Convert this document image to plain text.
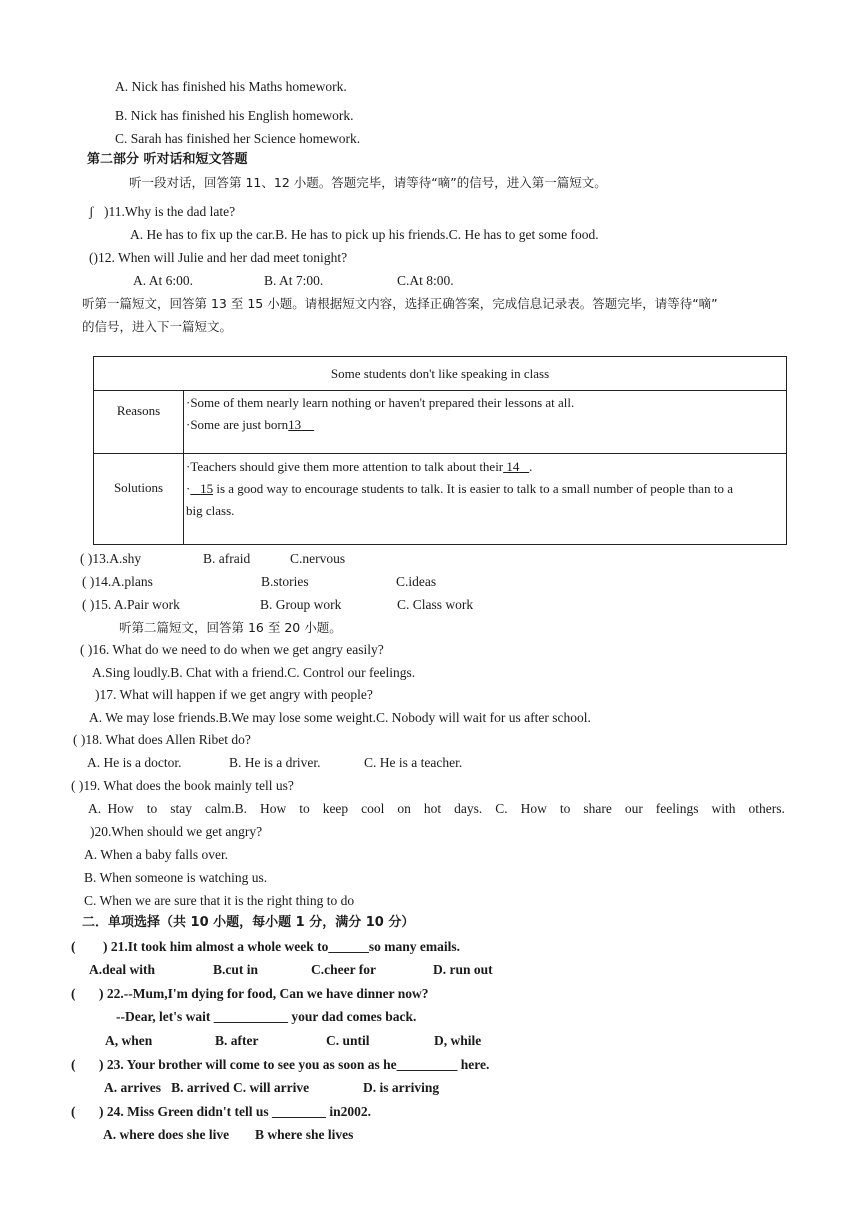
A. Nick has finished his Maths homework.
B. Nick has finished his English homework.
C. Sarah has finished her Science homework.
第二部分 听对话和短文答题
听一段对话，回答第 11、12 小题。答题完毕，请等待“嘀”的信号，进入第一篇短文。
ʃ )11.Why is the dad late?
A. He has to fix up the car.B. He has to pick up his friends.C. He has to get some food.
()12. When will Julie and her dad meet tonight?
A. At 6:00.	B. At 7:00.	C.At 8:00.
听第一篇短文，回答第 13 至 15 小题。请根据短文内容，选择正确答案，完成信息记录表。答题完毕，请等待“嘀”
的信号，进入下一篇短文。
Some students don't like speaking in class
Reasons
·Some of them nearly learn nothing or haven't prepared their lessons at all.
·Some are just born13
Solutions
·Teachers should give them more attention to talk about their 14 .
· 15 is a good way to encourage students to talk. It is easier to talk to a small number of people than to a
big class.
( )13.A.shy	B. afraid	C.nervous
( )14.A.plans	B.stories	C.ideas
( )15. A.Pair work	B. Group work	C. Class work
听第二篇短文，回答第 16 至 20 小题。
( )16. What do we need to do when we get angry easily?
A.Sing loudly.B. Chat with a friend.C. Control our feelings.
)17. What will happen if we get angry with people?
A. We may lose friends.B.We may lose some weight.C. Nobody will wait for us after school.
( )18. What does Allen Ribet do?
A. He is a doctor.	B. He is a driver.	C. He is a teacher.
( )19. What does the book mainly tell us?
A. How to stay calm.B. How to keep cool on hot days. C. How to share our feelings with others.
)20.When should we get angry?
A. When a baby falls over.
B. When someone is watching us.
C. When we are sure that it is the right thing to do
二．单项选择（共 10 小题，每小题 1 分，满分 10 分）
( ) 21.It took him almost a whole week to______so many emails.
A.deal with	B.cut in	C.cheer for	D. run out
( ) 22.--Mum,I'm dying for food, Can we have dinner now?
--Dear, let's wait ___________ your dad comes back.
A, when	B. after	C. until	D, while
( ) 23. Your brother will come to see you as soon as he_________ here.
A. arrives   B. arrived C. will arrive	D. is arriving
( ) 24. Miss Green didn't tell us ________ in2002.
A. where does she live B where she lives
